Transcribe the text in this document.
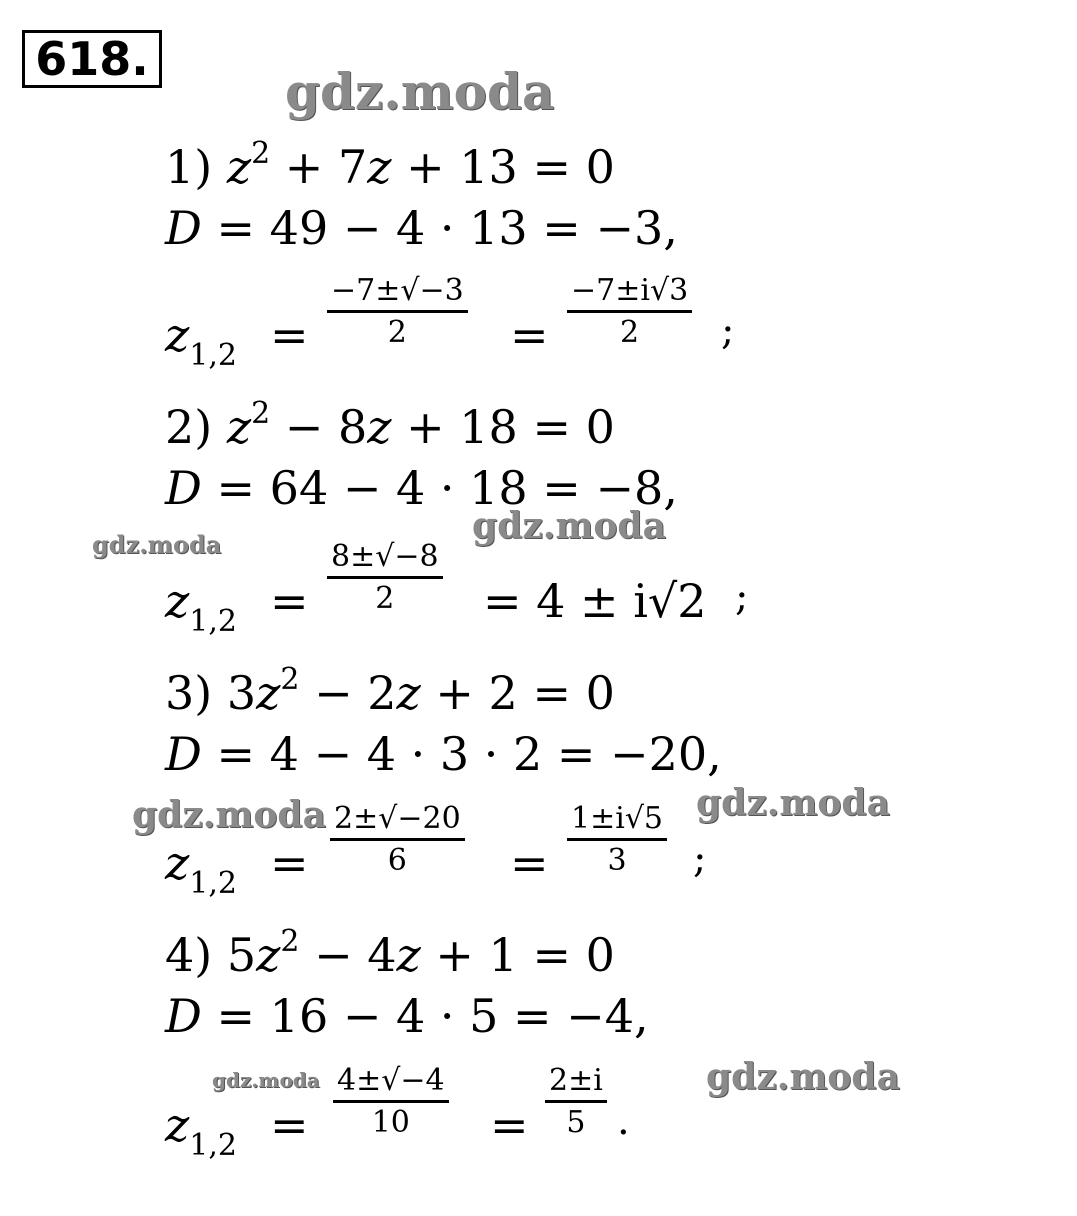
618.
gdz.moda
gdz.moda	gdz.moda
gdz.moda	gdz.moda
gdz.moda	gdz.moda
1) $z^2 + 7z + 13 = 0$
D = 49 − 4 · 13 = −3,
$z_{1,2}$ =
−7±√−3
2	=
−7±i√3
2	;
2) $z^2 - 8z + 18 = 0$
D = 64 − 4 · 18 = −8,
$z_{1,2}$ =
8±√−8
2	= 4 ± i√2 ;
3) $3z^2 - 2z + 2 = 0$
D = 4 − 4 · 3 · 2 = −20,
$z_{1,2}$ =
2±√−20
6	=
1±i√5
3	;
4) $5z^2 - 4z + 1 = 0$
D = 16 − 4 · 5 = −4,
$z_{1,2}$ =
4±√−4
10	=
2±i
5 .
